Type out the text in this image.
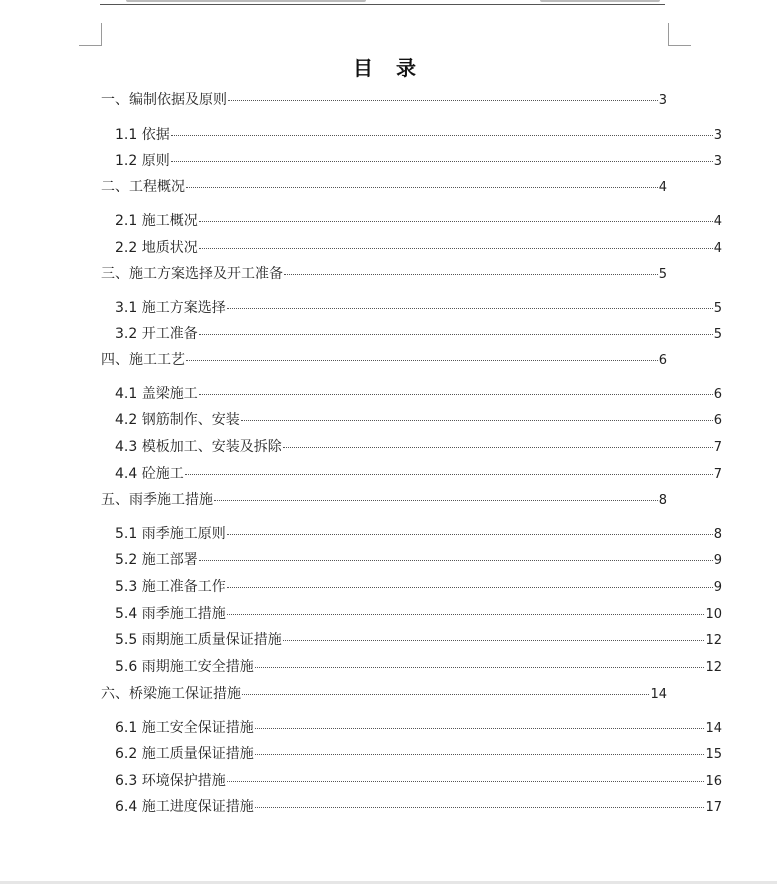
目 录
一、编制依据及原则	3
1.1 依据	3
1.2 原则	3
二、工程概况	4
2.1 施工概况	4
2.2 地质状况	4
三、施工方案选择及开工准备	5
3.1 施工方案选择	5
3.2 开工准备	5
四、施工工艺	6
4.1 盖梁施工	6
4.2 钢筋制作、安装	6
4.3 模板加工、安装及拆除	7
4.4 砼施工	7
五、雨季施工措施	8
5.1 雨季施工原则	8
5.2 施工部署	9
5.3 施工准备工作	9
5.4 雨季施工措施	10
5.5 雨期施工质量保证措施	12
5.6 雨期施工安全措施	12
六、桥梁施工保证措施	14
6.1 施工安全保证措施	14
6.2 施工质量保证措施	15
6.3 环境保护措施	16
6.4 施工进度保证措施	17
